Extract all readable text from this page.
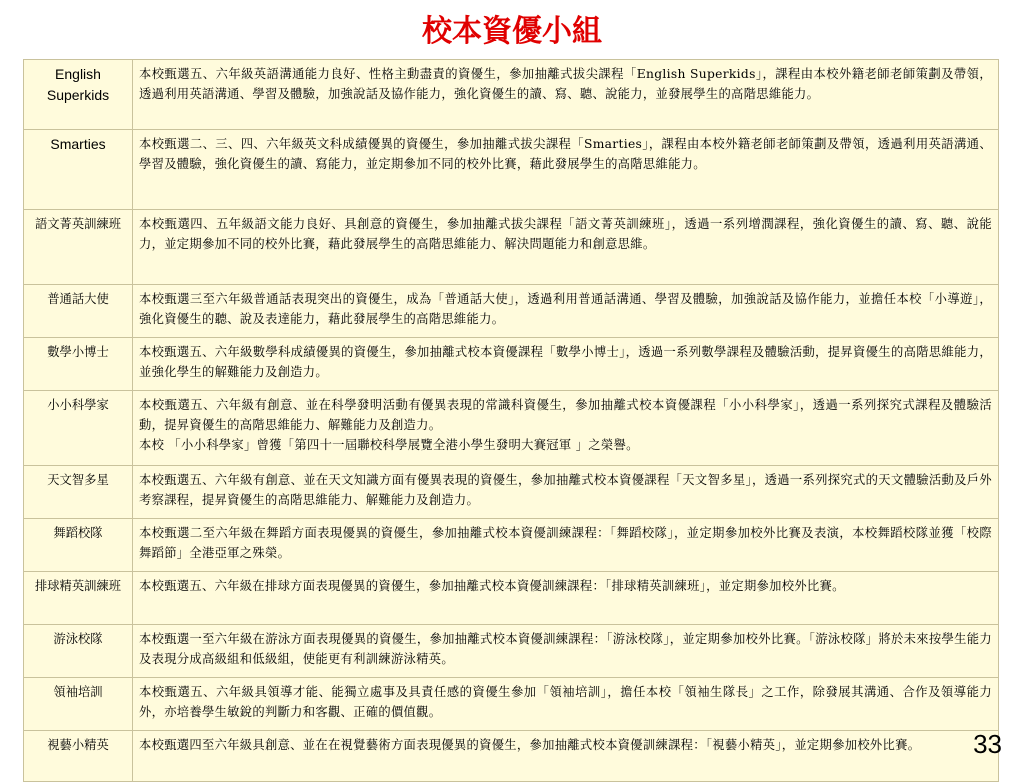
校本資優小組
English Superkids	本校甄選五、六年級英語溝通能力良好、性格主動盡責的資優生，參加抽離式拔尖課程「English Superkids」，課程由本校外籍老師老師策劃及帶領，透過利用英語溝通、學習及體驗，加強說話及協作能力，強化資優生的讀、寫、聽、說能力，並發展學生的高階思維能力。

Smarties	本校甄選二、三、四、六年級英文科成績優異的資優生，參加抽離式拔尖課程「Smarties」，課程由本校外籍老師老師策劃及帶領，透過利用英語溝通、學習及體驗，強化資優生的讀、寫能力，並定期參加不同的校外比賽，藉此發展學生的高階思維能力。

語文菁英訓練班	本校甄選四、五年級語文能力良好、具創意的資優生，參加抽離式拔尖課程「語文菁英訓練班」，透過一系列增潤課程，強化資優生的讀、寫、聽、說能力，並定期參加不同的校外比賽，藉此發展學生的高階思維能力、解決問題能力和創意思維。

普通話大使	本校甄選三至六年級普通話表現突出的資優生，成為「普通話大使」，透過利用普通話溝通、學習及體驗，加強說話及協作能力，並擔任本校「小導遊」，強化資優生的聽、說及表達能力，藉此發展學生的高階思維能力。

數學小博士	本校甄選五、六年級數學科成績優異的資優生，參加抽離式校本資優課程「數學小博士」，透過一系列數學課程及體驗活動，提昇資優生的高階思維能力，並強化學生的解難能力及創造力。

小小科學家	本校甄選五、六年級有創意、並在科學發明活動有優異表現的常識科資優生，參加抽離式校本資優課程「小小科學家」，透過一系列探究式課程及體驗活動，提昇資優生的高階思維能力、解難能力及創造力。
本校 「小小科學家」曾獲「第四十一屆聯校科學展覽全港小學生發明大賽冠軍 」之榮譽。

天文智多星	本校甄選五、六年級有創意、並在天文知識方面有優異表現的資優生，參加抽離式校本資優課程「天文智多星」，透過一系列探究式的天文體驗活動及戶外考察課程，提昇資優生的高階思維能力、解難能力及創造力。

舞蹈校隊	本校甄選二至六年級在舞蹈方面表現優異的資優生，參加抽離式校本資優訓練課程：「舞蹈校隊」，並定期參加校外比賽及表演，本校舞蹈校隊並獲「校際舞蹈節」全港亞軍之殊榮。

排球精英訓練班	本校甄選五、六年級在排球方面表現優異的資優生，參加抽離式校本資優訓練課程：「排球精英訓練班」，並定期參加校外比賽。

游泳校隊	本校甄選一至六年級在游泳方面表現優異的資優生，參加抽離式校本資優訓練課程：「游泳校隊」，並定期參加校外比賽。「游泳校隊」將於未來按學生能力及表現分成高級組和低級組，使能更有利訓練游泳精英。

領袖培訓	本校甄選五、六年級具領導才能、能獨立處事及具責任感的資優生參加「領袖培訓」，擔任本校「領袖生隊長」之工作，除發展其溝通、合作及領導能力外，亦培養學生敏銳的判斷力和客觀、正確的價值觀。

視藝小精英	本校甄選四至六年級具創意、並在在視覺藝術方面表現優異的資優生，參加抽離式校本資優訓練課程：「視藝小精英」，並定期參加校外比賽。	33
